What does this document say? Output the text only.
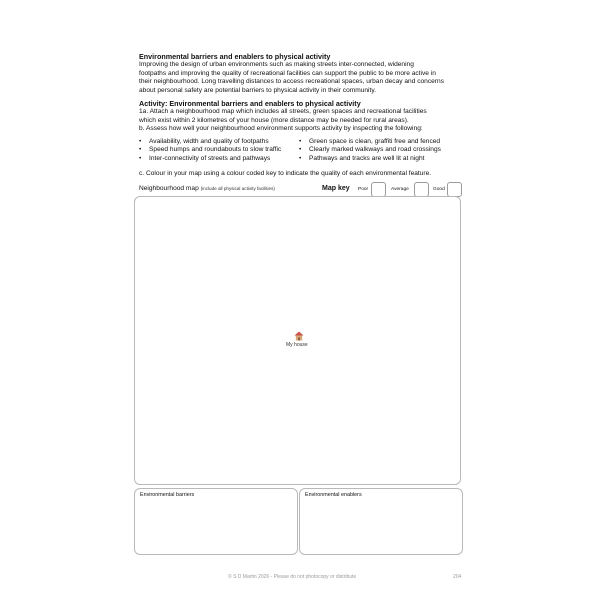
Environmental barriers and enablers to physical activity
Improving the design of urban environments such as making streets inter-connected, widening
footpaths and improving the quality of recreational facilities can support the public to be more active in
their neighbourhood. Long travelling distances to access recreational spaces, urban decay and concerns
about personal safety are potential barriers to physical activity in their community.
Activity: Environmental barriers and enablers to physical activity
1a. Attach a neighbourhood map which includes all streets, green spaces and recreational facilities
which exist within 2 kilometres of your house (more distance may be needed for rural areas).
b. Assess how well your neighbourhood environment supports activity by inspecting the following:
• Availability, width and quality of footpaths
• Speed humps and roundabouts to slow traffic
• Inter-connectivity of streets and pathways
• Green space is clean, graffiti free and fenced
• Clearly marked walkways and road crossings
• Pathways and tracks are well lit at night
c. Colour in your map using a colour coded key to indicate the quality of each environmental feature.
Neighbourhood map (include all physical activity facilities)	Map key Poor	Average	Good
My house
Environmental barriers	Environmental enablers
© S D Martin 2026 - Please do not photocopy or distribute	204
